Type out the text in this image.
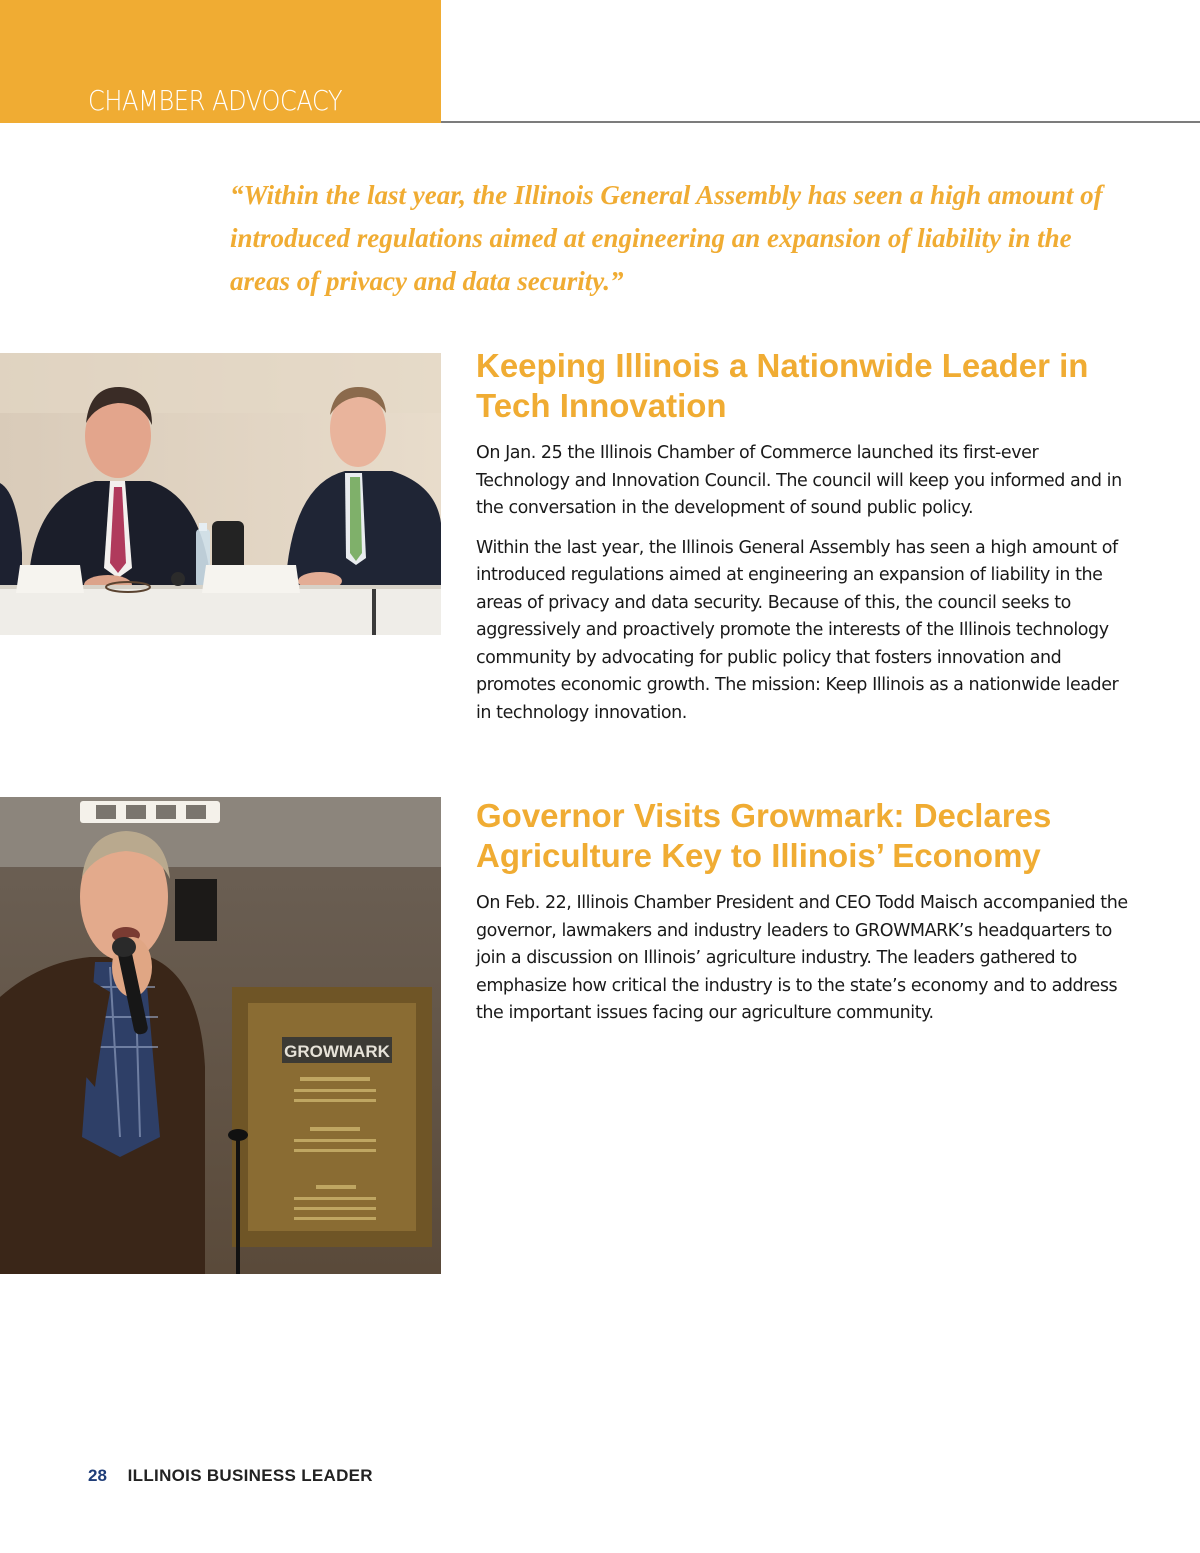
CHAMBER ADVOCACY

“Within the last year, the Illinois General Assembly has seen a high amount of introduced regulations aimed at engineering an expansion of liability in the areas of privacy and data security.”

Keeping Illinois a Nationwide Leader in Tech Innovation

On Jan. 25 the Illinois Chamber of Commerce launched its first-ever Technology and Innovation Council. The council will keep you informed and in the conversation in the development of sound public policy.

Within the last year, the Illinois General Assembly has seen a high amount of introduced regulations aimed at engineering an expansion of liability in the areas of privacy and data security. Because of this, the council seeks to aggressively and proactively promote the interests of the Illinois technology community by advocating for public policy that fosters innovation and promotes economic growth. The mission: Keep Illinois as a nationwide leader in technology innovation.

GROWMARK
Governor Visits Growmark: Declares Agriculture Key to Illinois’ Economy

On Feb. 22, Illinois Chamber President and CEO Todd Maisch accompanied the governor, lawmakers and industry leaders to GROWMARK’s headquarters to join a discussion on Illinois’ agriculture industry. The leaders gathered to emphasize how critical the industry is to the state’s economy and to address the important issues facing our agriculture community.

28 ILLINOIS BUSINESS LEADER
